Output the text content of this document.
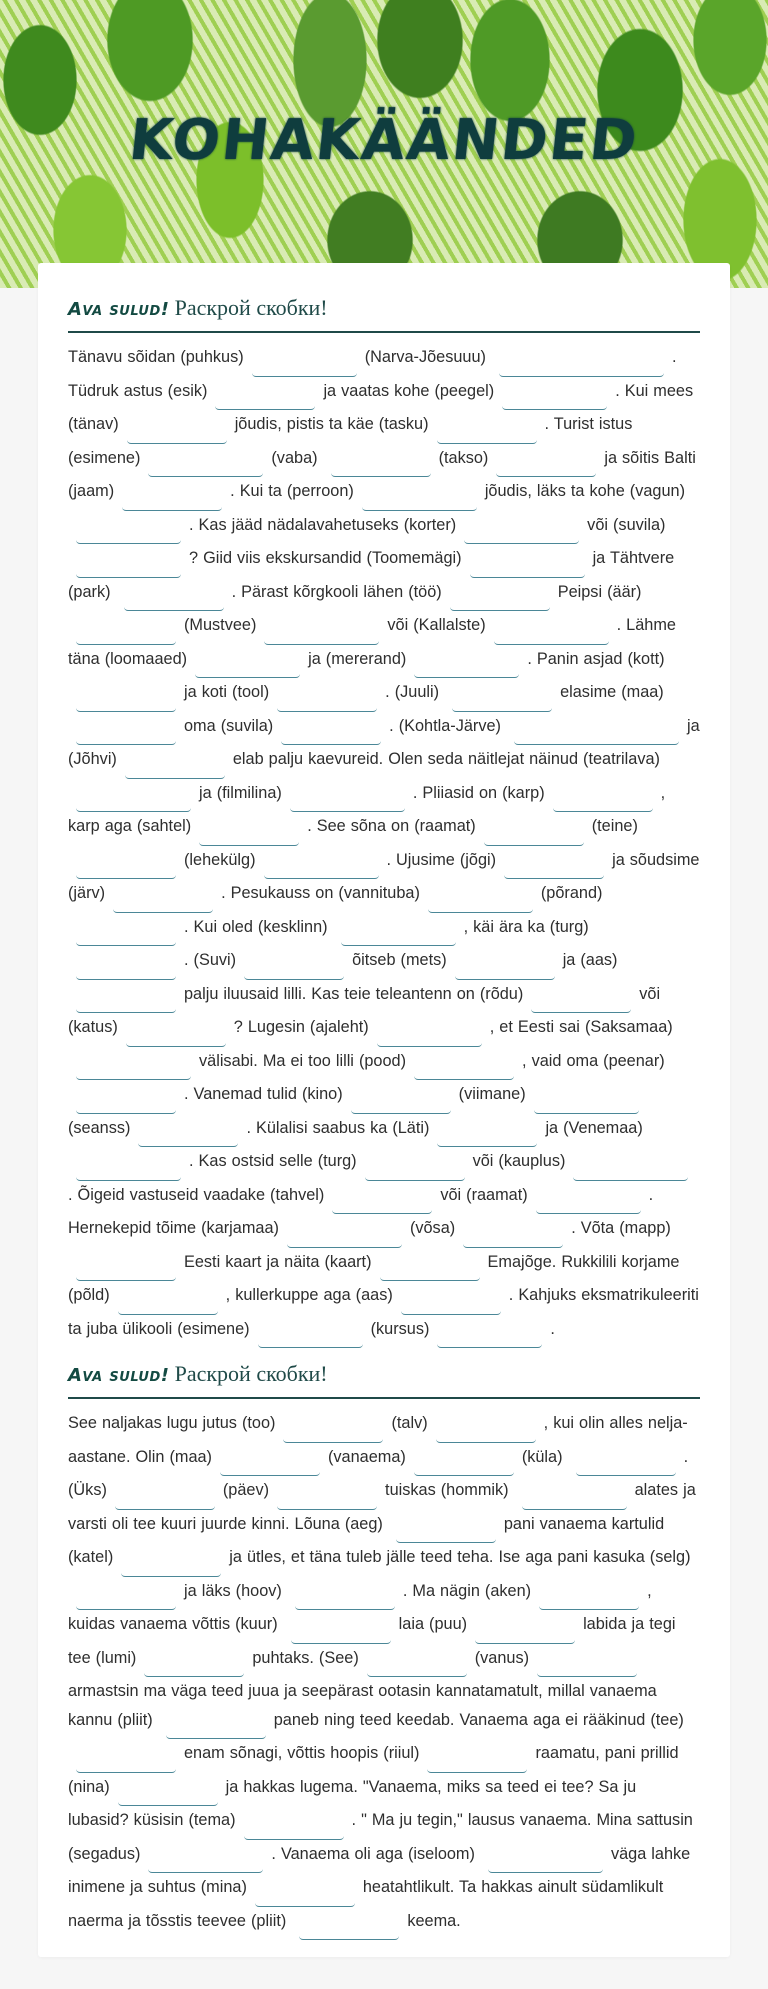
KOHAKÄÄNDED
Ava sulud! Раскрой скобки!
Tänavu sõidan (puhkus)	(Narva-Jõesuuu)	. Tüdruk astus (esik)	ja vaatas kohe (peegel)	. Kui mees (tänav)	jõudis, pistis ta käe (tasku)	. Turist istus (esimene)	(vaba)	(takso)	ja sõitis Balti (jaam)	. Kui ta (perroon)	jõudis, läks ta kohe (vagun). Kas jääd nädalavahetuseks (korter)	või (suvila)? Giid viis ekskursandid (Toomemägi)	ja Tähtvere (park)	. Pärast kõrgkooli lähen (töö)	Peipsi (äär) (Mustvee)	või (Kallalste)	. Lähme täna (loomaaed)	ja (mererand)	. Panin asjad (kott)ja koti (tool)	. (Juuli)	elasime (maa)oma (suvila)	. (Kohtla-Järve)	ja (Jõhvi)	elab palju kaevureid. Olen seda näitlejat näinud (teatrilava)ja (filmilina)	. Pliiasid on (karp)	, karp aga (sahtel)	. See sõna on (raamat)	(teine)(lehekülg)	. Ujusime (jõgi)	ja sõudsime (järv)	. Pesukauss on (vannituba)	(põrand). Kui oled (kesklinn)	, käi ära ka (turg). (Suvi)	õitseb (mets)	ja (aas)palju iluusaid lilli. Kas teie teleantenn on (rõdu)	või (katus)	? Lugesin (ajaleht)	, et Eesti sai (Saksamaa)välisabi. Ma ei too lilli (pood)	, vaid oma (peenar). Vanemad tulid (kino)	(viimane)(seanss)	. Külalisi saabus ka (Läti)	ja (Venemaa). Kas ostsid selle (turg)	või (kauplus). Õigeid vastuseid vaadake (tahvel)	või (raamat)	. Hernekepid tõime (karjamaa)	(võsa)	. Võta (mapp)Eesti kaart ja näita (kaart)	Emajõge. Rukkilili korjame (põld)	, kullerkuppe aga (aas)	. Kahjuks eksmatrikuleeriti ta juba ülikooli (esimene)	(kursus)	.
Ava sulud! Раскрой скобки!
See naljakas lugu jutus (too)	(talv)	, kui olin alles nelja-aastane. Olin (maa)	(vanaema)	(küla)	. (Üks)	(päev)	tuiskas (hommik)	alates ja varsti oli tee kuuri juurde kinni. Lõuna (aeg)	pani vanaema kartulid (katel)	ja ütles, et täna tuleb jälle teed teha. Ise aga pani kasuka (selg)ja läks (hoov)	. Ma nägin (aken)	, kuidas vanaema võttis (kuur)	laia (puu)	labida ja tegi tee (lumi)	puhtaks. (See)	(vanus)armastsin ma väga teed juua ja seepärast ootasin kannatamatult, millal vanaema kannu (pliit)	paneb ning teed keedab. Vanaema aga ei rääkinud (tee) enam sõnagi, võttis hoopis (riiul)	raamatu, pani prillid (nina)	ja hakkas lugema. "Vanaema, miks sa teed ei tee? Sa ju lubasid? küsisin (tema)	. " Ma ju tegin," lausus vanaema. Mina sattusin (segadus)	. Vanaema oli aga (iseloom)	väga lahke inimene ja suhtus (mina)	heatahtlikult. Ta hakkas ainult südamlikult naerma ja tõsstis teevee (pliit)	keema.
